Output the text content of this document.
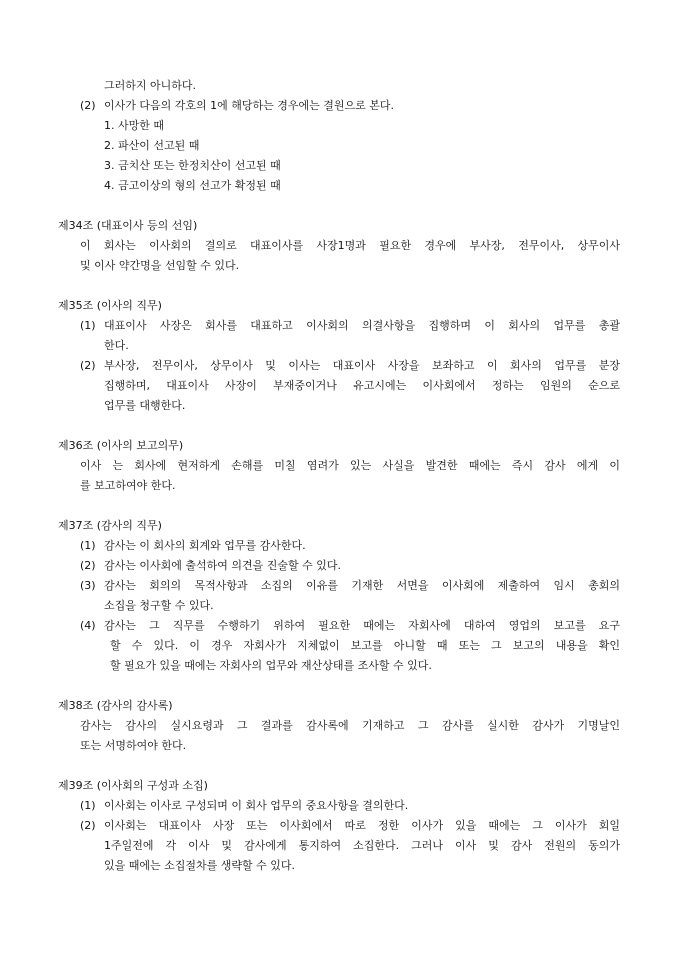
그러하지 아니하다.
(2) 이사가 다음의 각호의 1에 해당하는 경우에는 결원으로 본다.
1. 사망한 때
2. 파산이 선고된 때
3. 금치산 또는 한정치산이 선고된 때
4. 금고이상의 형의 선고가 확정된 때
제34조 (대표이사 등의 선임)
이 회사는 이사회의 결의로 대표이사를 사장1명과 필요한 경우에 부사장, 전무이사, 상무이사
및 이사 약간명을 선임할 수 있다.
제35조 (이사의 직무)
(1) 대표이사 사장은 회사를 대표하고 이사회의 의결사항을 집행하며 이 회사의 업무를 총괄
한다.
(2) 부사장, 전무이사, 상무이사 및 이사는 대표이사 사장을 보좌하고 이 회사의 업무를 분장
집행하며, 대표이사 사장이 부재중이거나 유고시에는 이사회에서 정하는 임원의 순으로
업무를 대행한다.
제36조 (이사의 보고의무)
이사 는 회사에 현저하게 손해를 미칠 염려가 있는 사실을 발견한 때에는 즉시 감사 에게 이
를 보고하여야 한다.
제37조 (감사의 직무)
(1) 감사는 이 회사의 회계와 업무를 감사한다.
(2) 감사는 이사회에 출석하여 의견을 진술할 수 있다.
(3) 감사는 회의의 목적사항과 소집의 이유를 기재한 서면을 이사회에 제출하여 임시 총회의
소집을 청구할 수 있다.
(4) 감사는 그 직무를 수행하기 위하여 필요한 때에는 자회사에 대하여 영업의 보고를 요구
할 수 있다. 이 경우 자회사가 지체없이 보고를 아니할 때 또는 그 보고의 내용을 확인
할 필요가 있을 때에는 자회사의 업무와 재산상태를 조사할 수 있다.
제38조 (감사의 감사록)
감사는 감사의 실시요령과 그 결과를 감사록에 기재하고 그 감사를 실시한 감사가 기명날인
또는 서명하여야 한다.
제39조 (이사회의 구성과 소집)
(1) 이사회는 이사로 구성되며 이 회사 업무의 중요사항을 결의한다.
(2) 이사회는 대표이사 사장 또는 이사회에서 따로 정한 이사가 있을 때에는 그 이사가 회일
1주일전에 각 이사 및 감사에게 통지하여 소집한다. 그러나 이사 및 감사 전원의 동의가
있을 때에는 소집절차를 생략할 수 있다.
